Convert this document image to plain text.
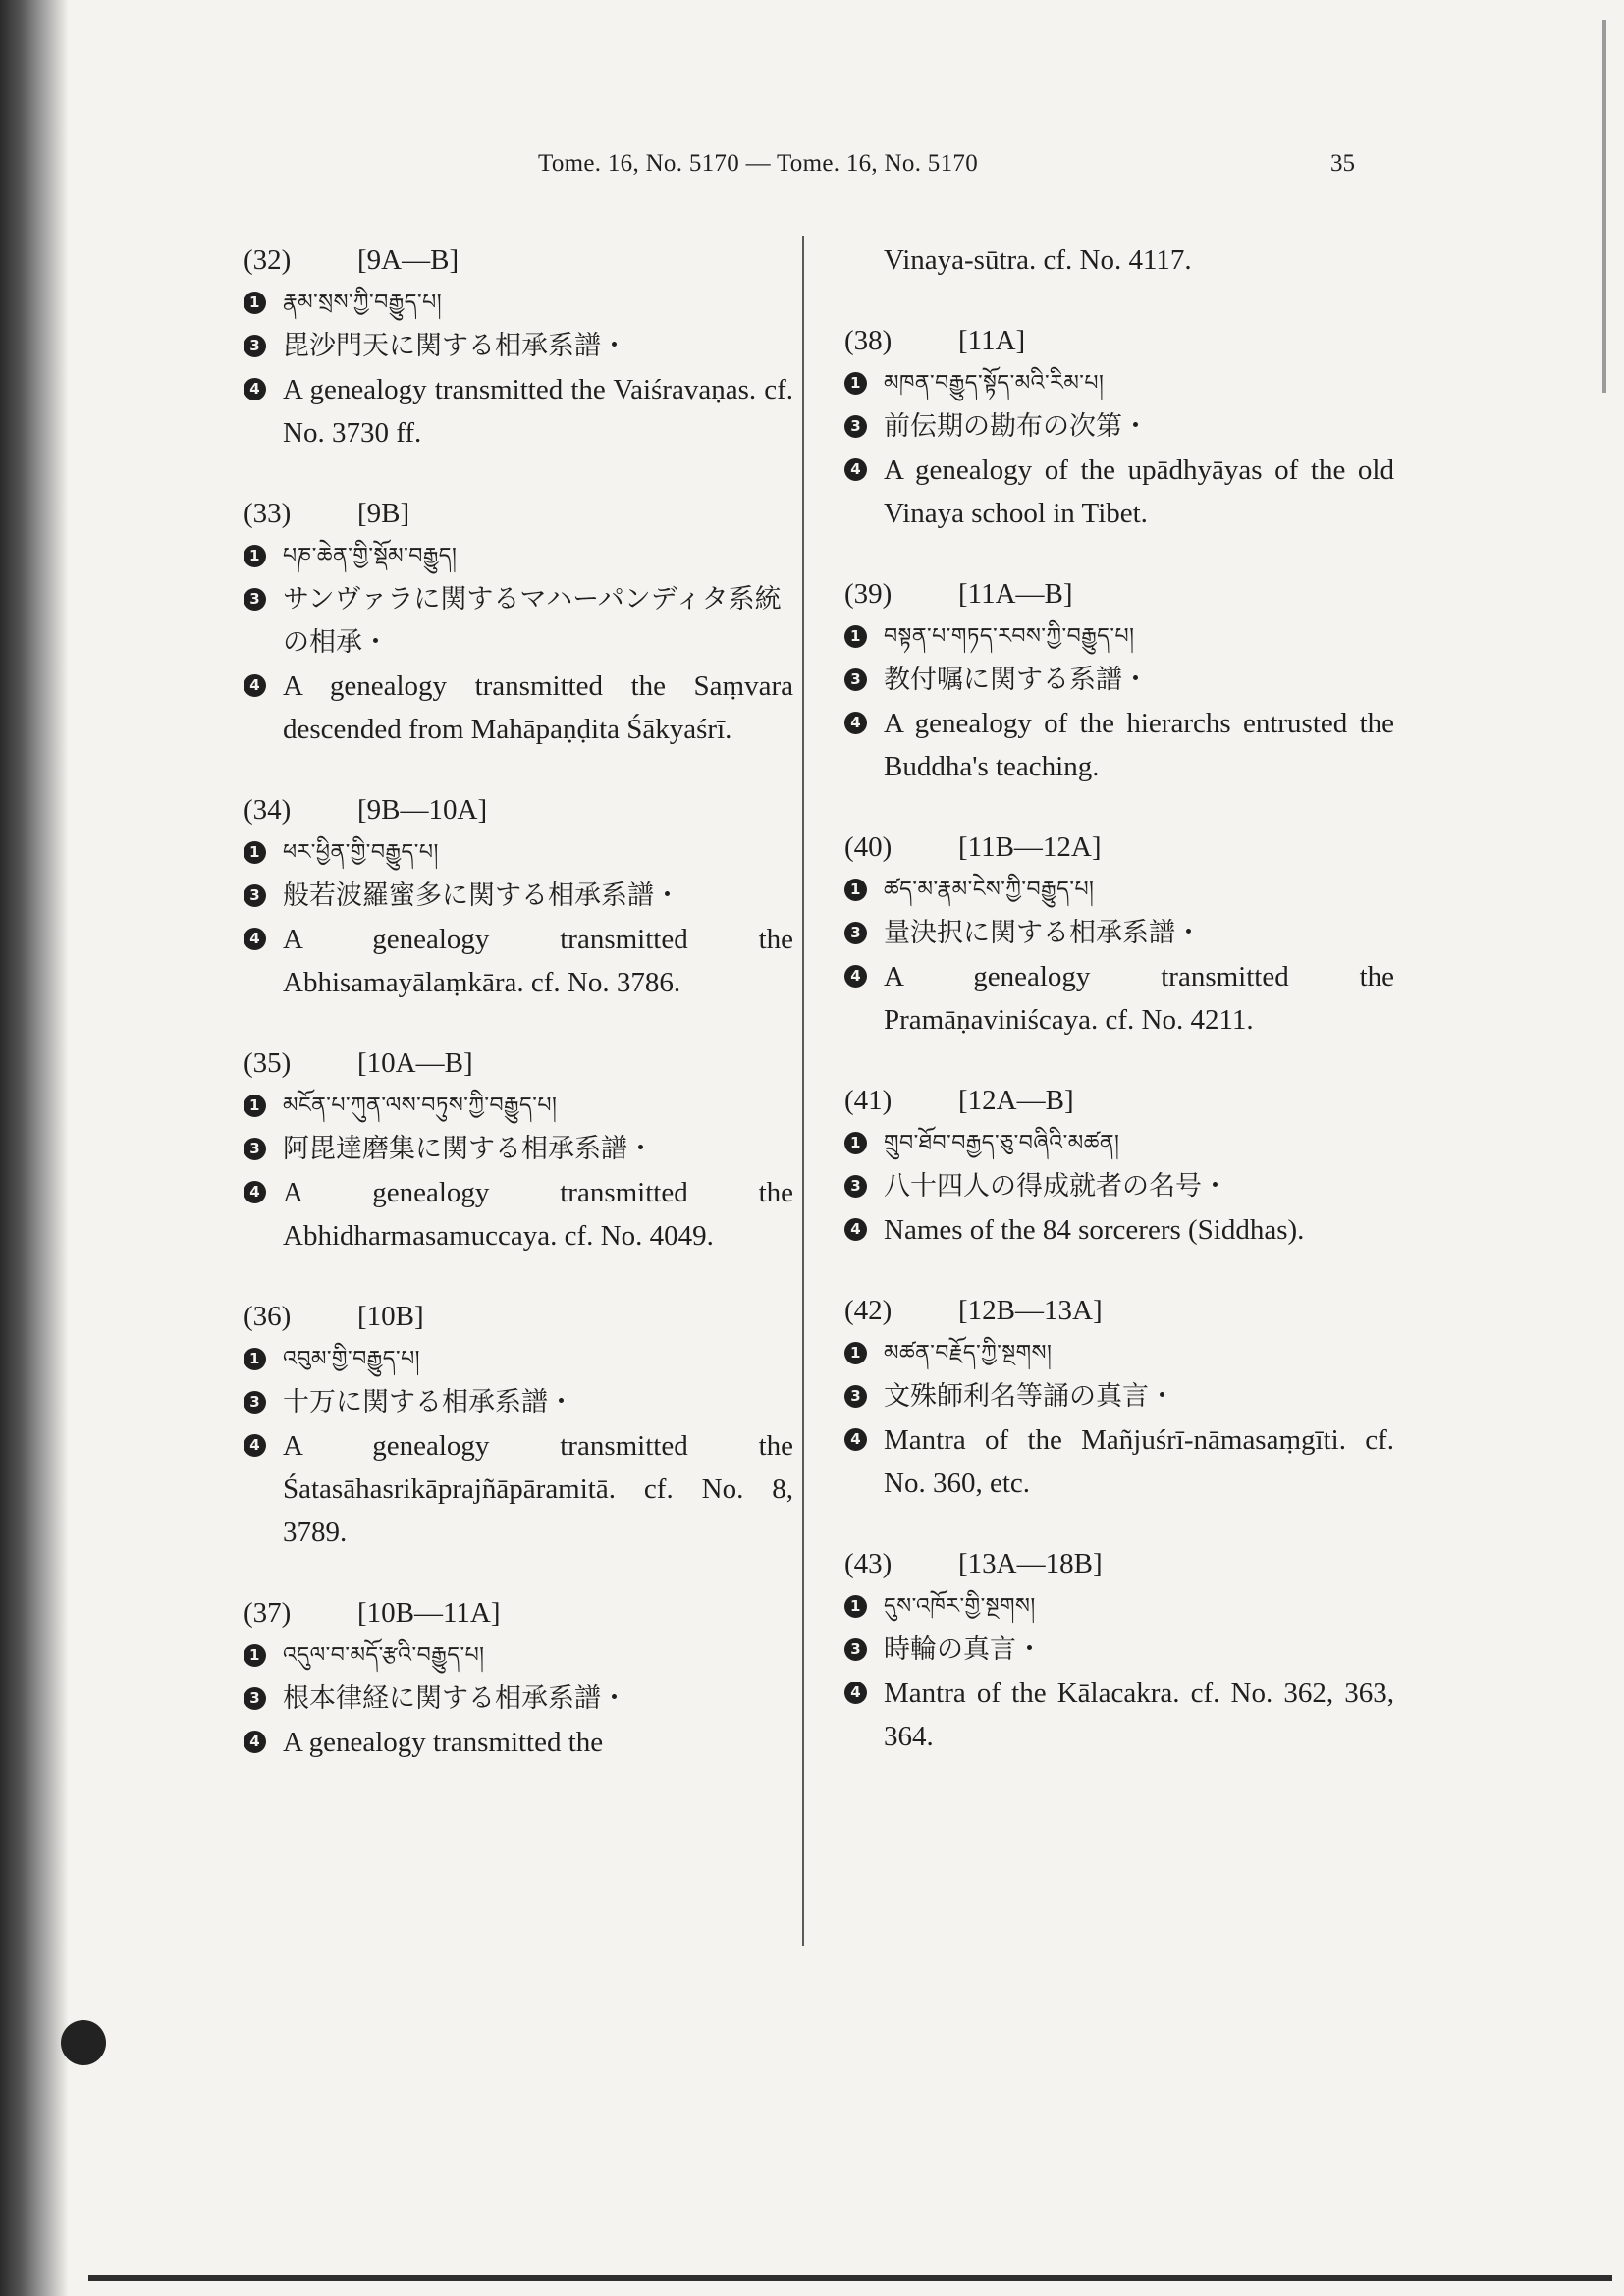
Tome. 16, No. 5170 — Tome. 16, No. 5170	35
(32) [9A—B]
1 རྣམ་སྲས་ཀྱི་བརྒྱུད་པ།
3 毘沙門天に関する相承系譜・
4 A genealogy transmitted the Vaiśravaṇas. cf. No. 3730 ff.
(33) [9B]
1 པཎ་ཆེན་གྱི་སྡོམ་བརྒྱུད།
3 サンヴァラに関するマハーパンディタ系統の相承・
4 A genealogy transmitted the Saṃvara descended from Mahāpaṇḍita Śākyaśrī.
(34) [9B—10A]
1 ཕར་ཕྱིན་གྱི་བརྒྱུད་པ།
3 般若波羅蜜多に関する相承系譜・
4 A genealogy transmitted the Abhisamayālaṃkāra. cf. No. 3786.
(35) [10A—B]
1 མངོན་པ་ཀུན་ལས་བཏུས་ཀྱི་བརྒྱུད་པ།
3 阿毘達磨集に関する相承系譜・
4 A genealogy transmitted the Abhidharmasamuccaya. cf. No. 4049.
(36) [10B]
1 འབུམ་གྱི་བརྒྱུད་པ།
3 十万に関する相承系譜・
4 A genealogy transmitted the Śatasāhasrikāprajñāpāramitā. cf. No. 8, 3789.
(37) [10B—11A]
1 འདུལ་བ་མདོ་རྩའི་བརྒྱུད་པ།
3 根本律経に関する相承系譜・
4 A genealogy transmitted the
Vinaya-sūtra. cf. No. 4117.
(38) [11A]
1 མཁན་བརྒྱུད་སྟོད་མའི་རིམ་པ།
3 前伝期の勘布の次第・
4 A genealogy of the upādhyāyas of the old Vinaya school in Tibet.
(39) [11A—B]
1 བསྟན་པ་གཏད་རབས་ཀྱི་བརྒྱུད་པ།
3 教付嘱に関する系譜・
4 A genealogy of the hierarchs entrusted the Buddha's teaching.
(40) [11B—12A]
1 ཚད་མ་རྣམ་ངེས་ཀྱི་བརྒྱུད་པ།
3 量決択に関する相承系譜・
4 A genealogy transmitted the Pramāṇaviniścaya. cf. No. 4211.
(41) [12A—B]
1 གྲུབ་ཐོབ་བརྒྱད་ཅུ་བཞིའི་མཚན།
3 八十四人の得成就者の名号・
4 Names of the 84 sorcerers (Siddhas).
(42) [12B—13A]
1 མཚན་བརྗོད་ཀྱི་སྔགས།
3 文殊師利名等誦の真言・
4 Mantra of the Mañjuśrī-nāmasaṃgīti. cf. No. 360, etc.
(43) [13A—18B]
1 དུས་འཁོར་གྱི་སྔགས།
3 時輪の真言・
4 Mantra of the Kālacakra. cf. No. 362, 363, 364.
